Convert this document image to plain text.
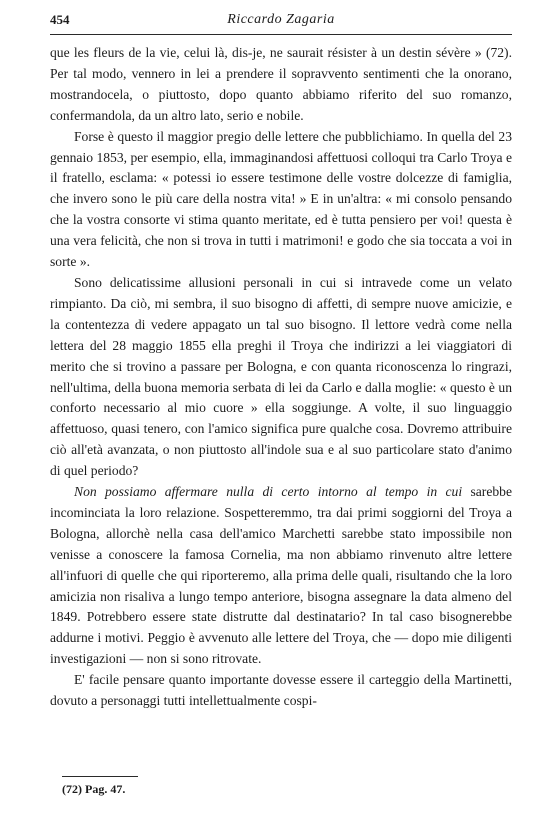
454	Riccardo Zagaria

que les fleurs de la vie, celui là, dis-je, ne saurait résister à un destin sévère » (72). Per tal modo, vennero in lei a prendere il sopravvento sentimenti che la onorano, mostrandocela, o piuttosto, dopo quanto abbiamo riferito del suo romanzo, confermandola, da un altro lato, serio e nobile.

Forse è questo il maggior pregio delle lettere che pubblichiamo. In quella del 23 gennaio 1853, per esempio, ella, immaginandosi affettuosi colloqui tra Carlo Troya e il fratello, esclama: « potessi io essere testimone delle vostre dolcezze di famiglia, che invero sono le più care della nostra vita! » E in un'altra: « mi consolo pensando che la vostra consorte vi stima quanto meritate, ed è tutta pensiero per voi! questa è una vera felicità, che non si trova in tutti i matrimoni! e godo che sia toccata a voi in sorte ».

Sono delicatissime allusioni personali in cui si intravede come un velato rimpianto. Da ciò, mi sembra, il suo bisogno di affetti, di sempre nuove amicizie, e la contentezza di vedere appagato un tal suo bisogno. Il lettore vedrà come nella lettera del 28 maggio 1855 ella preghi il Troya che indirizzi a lei viaggiatori di merito che si trovino a passare per Bologna, e con quanta riconoscenza lo ringrazi, nell'ultima, della buona memoria serbata di lei da Carlo e dalla moglie: « questo è un conforto necessario al mio cuore » ella soggiunge. A volte, il suo linguaggio affettuoso, quasi tenero, con l'amico significa pure qualche cosa. Dovremo attribuire ciò all'età avanzata, o non piuttosto all'indole sua e al suo particolare stato d'animo di quel periodo?

Non possiamo affermare nulla di certo intorno al tempo in cui sarebbe incominciata la loro relazione. Sospetteremmo, tra dai primi soggiorni del Troya a Bologna, allorchè nella casa dell'amico Marchetti sarebbe stato impossibile non venisse a conoscere la famosa Cornelia, ma non abbiamo rinvenuto altre lettere all'infuori di quelle che qui riporteremo, alla prima delle quali, risultando che la loro amicizia non risaliva a lungo tempo anteriore, bisogna assegnare la data almeno del 1849. Potrebbero essere state distrutte dal destinatario? In tal caso bisognerebbe addurne i motivi. Peggio è avvenuto alle lettere del Troya, che — dopo mie diligenti investigazioni — non si sono ritrovate.

E' facile pensare quanto importante dovesse essere il carteggio della Martinetti, dovuto a personaggi tutti intellettualmente cospi-

(72) Pag. 47.
